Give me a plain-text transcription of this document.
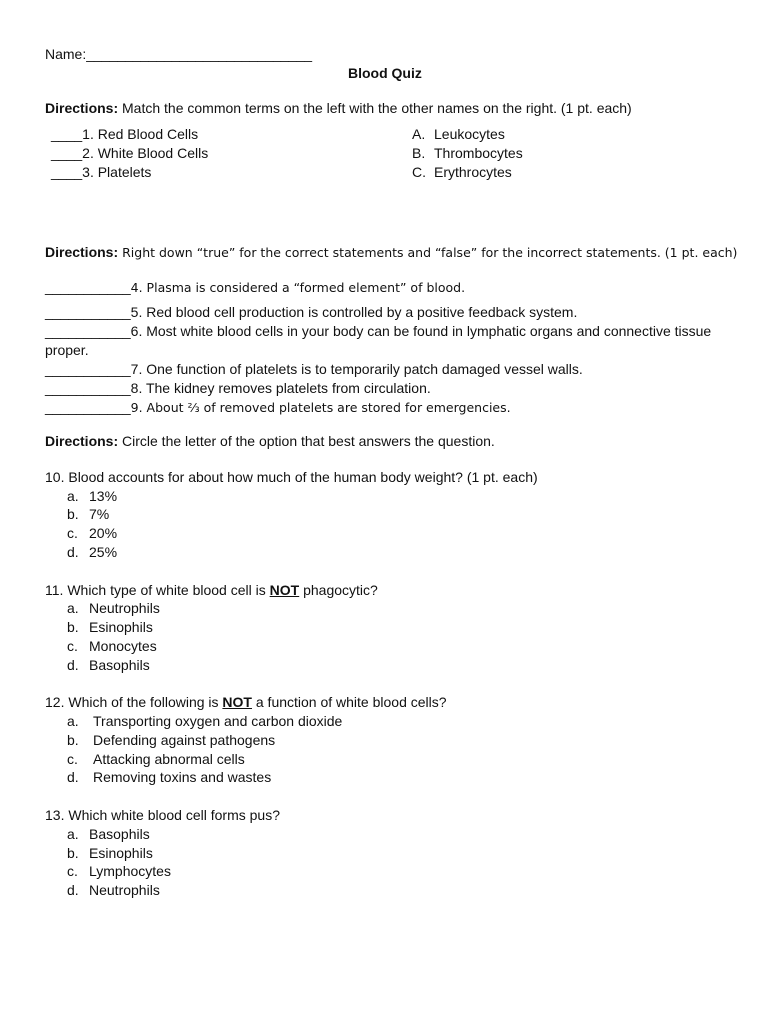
Name:_____________________________
Blood Quiz
Directions: Match the common terms on the left with the other names on the right. (1 pt. each)
____1. Red Blood Cells
____2. White Blood Cells
____3. Platelets
A. Leukocytes
B. Thrombocytes
C. Erythrocytes
Directions: Right down “true” for the correct statements and “false” for the incorrect statements. (1 pt. each)
___________4. Plasma is considered a “formed element” of blood.
___________5. Red blood cell production is controlled by a positive feedback system.
___________6. Most white blood cells in your body can be found in lymphatic organs and connective tissue
proper.
___________7. One function of platelets is to temporarily patch damaged vessel walls.
___________8. The kidney removes platelets from circulation.
___________9. About ⅔ of removed platelets are stored for emergencies.
Directions: Circle the letter of the option that best answers the question.
10. Blood accounts for about how much of the human body weight? (1 pt. each)
a. 13%
b. 7%
c. 20%
d. 25%
11. Which type of white blood cell is NOT phagocytic?
a. Neutrophils
b. Esinophils
c. Monocytes
d. Basophils
12. Which of the following is NOT a function of white blood cells?
a. Transporting oxygen and carbon dioxide
b. Defending against pathogens
c. Attacking abnormal cells
d. Removing toxins and wastes
13. Which white blood cell forms pus?
a. Basophils
b. Esinophils
c. Lymphocytes
d. Neutrophils
